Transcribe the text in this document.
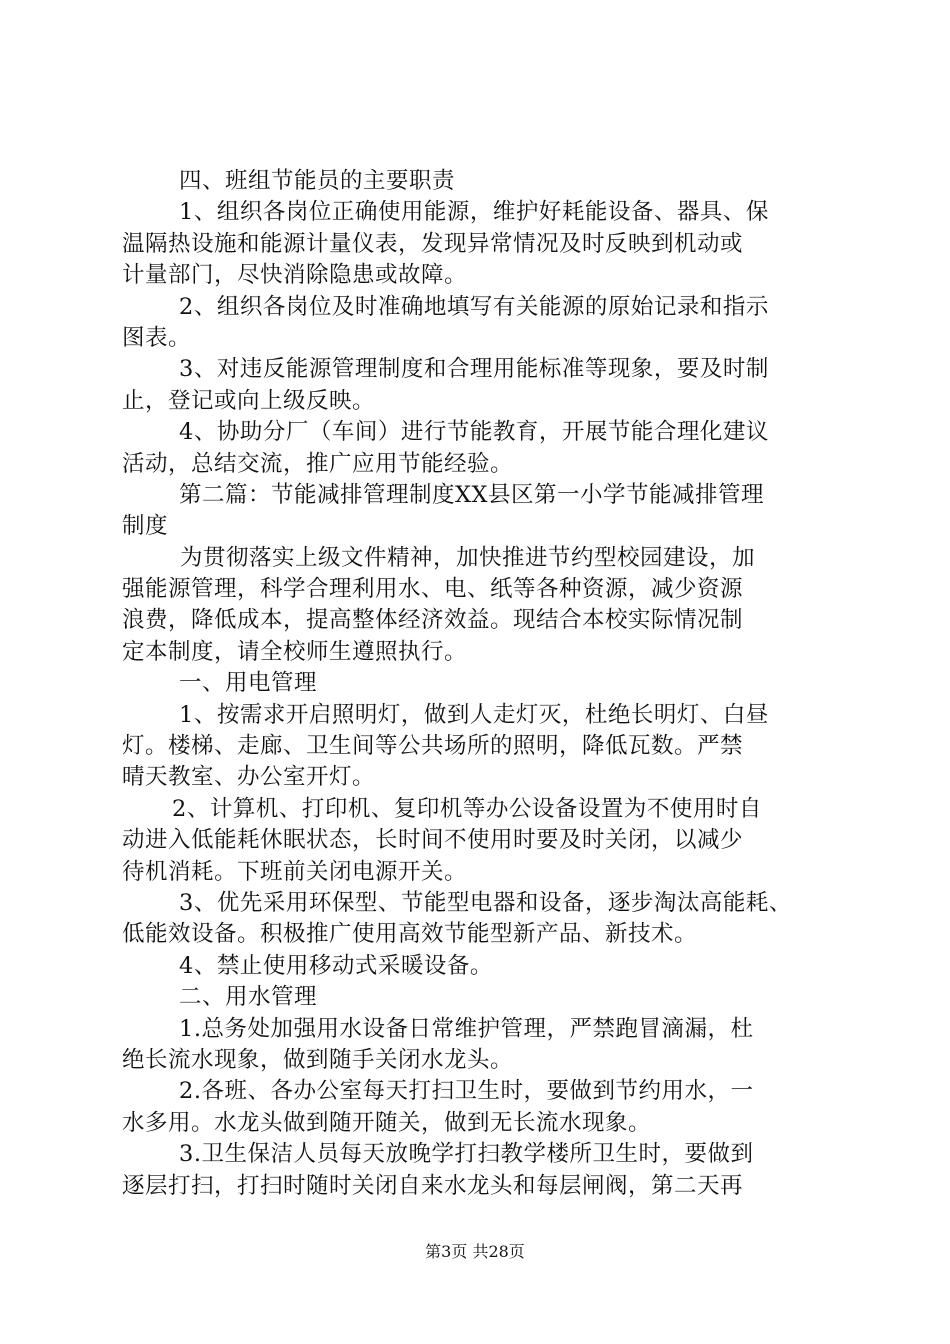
四、班组节能员的主要职责
1、组织各岗位正确使用能源，维护好耗能设备、器具、保
温隔热设施和能源计量仪表，发现异常情况及时反映到机动或
计量部门，尽快消除隐患或故障。
2、组织各岗位及时准确地填写有关能源的原始记录和指示
图表。
3、对违反能源管理制度和合理用能标准等现象，要及时制
止，登记或向上级反映。
4、协助分厂（车间）进行节能教育，开展节能合理化建议
活动，总结交流，推广应用节能经验。
第二篇：节能减排管理制度XX县区第一小学节能减排管理
制度
为贯彻落实上级文件精神，加快推进节约型校园建设，加
强能源管理，科学合理利用水、电、纸等各种资源，减少资源
浪费，降低成本，提高整体经济效益。现结合本校实际情况制
定本制度，请全校师生遵照执行。
一、用电管理
1、按需求开启照明灯，做到人走灯灭，杜绝长明灯、白昼
灯。楼梯、走廊、卫生间等公共场所的照明，降低瓦数。严禁
晴天教室、办公室开灯。
2、计算机、打印机、复印机等办公设备设置为不使用时自
动进入低能耗休眠状态，长时间不使用时要及时关闭，以减少
待机消耗。下班前关闭电源开关。
3、优先采用环保型、节能型电器和设备，逐步淘汰高能耗、
低能效设备。积极推广使用高效节能型新产品、新技术。
4、禁止使用移动式采暖设备。
二、用水管理
1.总务处加强用水设备日常维护管理，严禁跑冒滴漏，杜
绝长流水现象，做到随手关闭水龙头。
2.各班、各办公室每天打扫卫生时，要做到节约用水，一
水多用。水龙头做到随开随关，做到无长流水现象。
3.卫生保洁人员每天放晚学打扫教学楼所卫生时，要做到
逐层打扫，打扫时随时关闭自来水龙头和每层闸阀，第二天再
第3页 共28页
